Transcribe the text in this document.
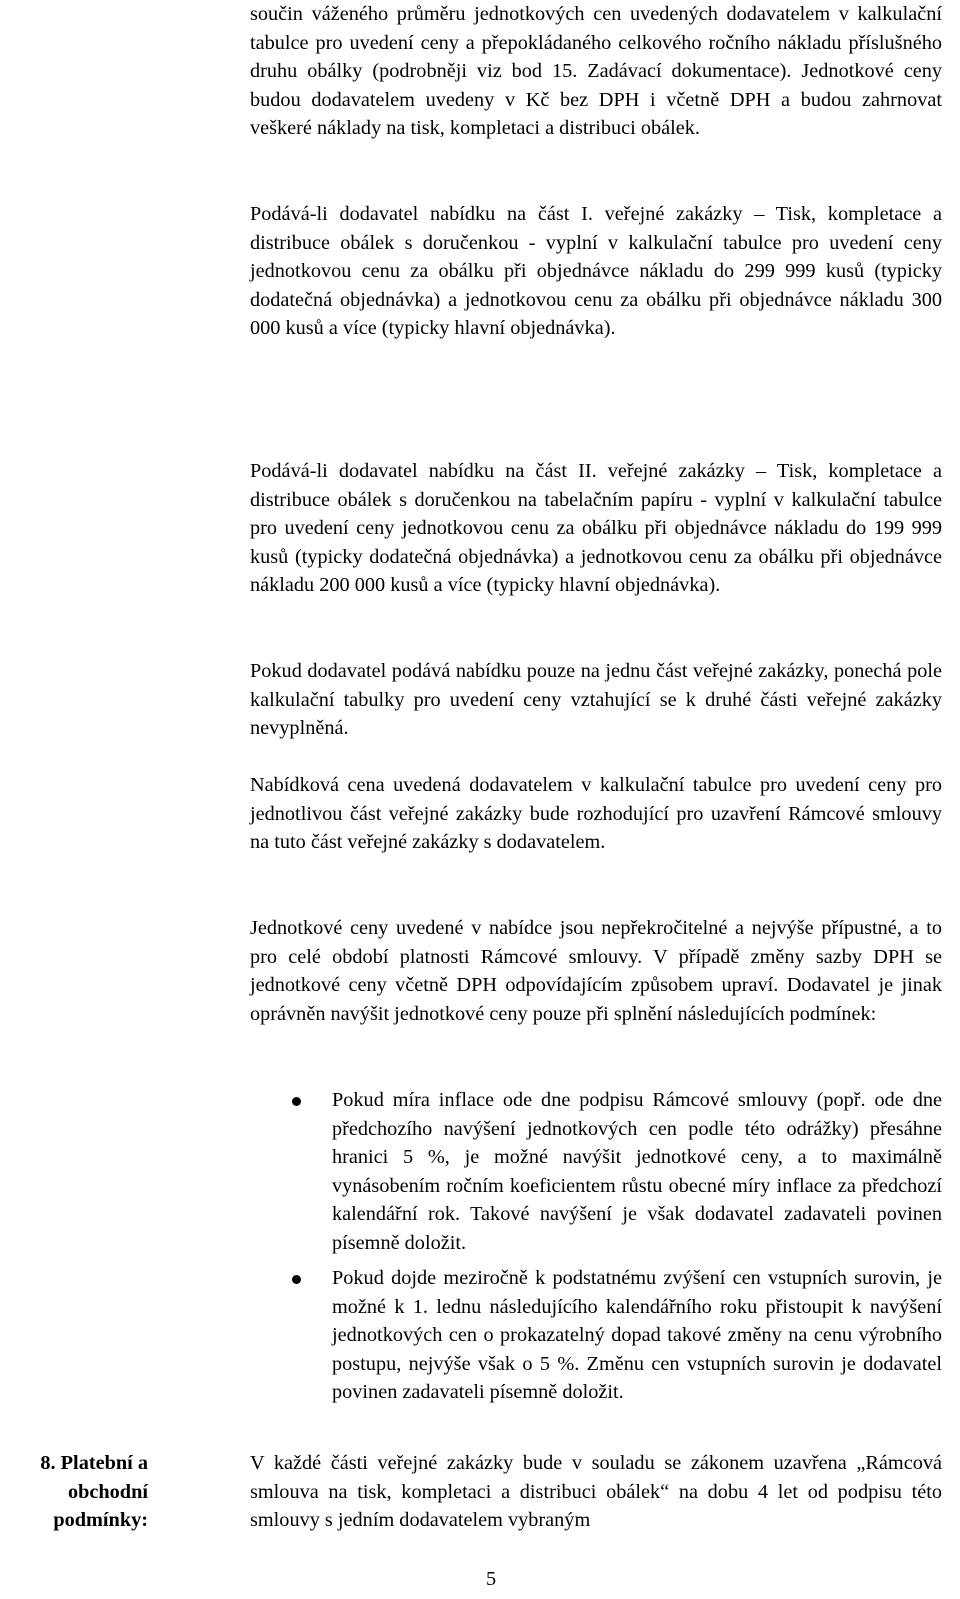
součin váženého průměru jednotkových cen uvedených dodavatelem v kalkulační tabulce pro uvedení ceny a přepokládaného celkového ročního nákladu příslušného druhu obálky (podrobněji viz bod 15. Zadávací dokumentace). Jednotkové ceny budou dodavatelem uvedeny v Kč bez DPH i včetně DPH a budou zahrnovat veškeré náklady na tisk, kompletaci a distribuci obálek.

Podává-li dodavatel nabídku na část I. veřejné zakázky – Tisk, kompletace a distribuce obálek s doručenkou - vyplní v kalkulační tabulce pro uvedení ceny jednotkovou cenu za obálku při objednávce nákladu do 299 999 kusů (typicky dodatečná objednávka) a jednotkovou cenu za obálku při objednávce nákladu 300 000 kusů a více (typicky hlavní objednávka).

Podává-li dodavatel nabídku na část II. veřejné zakázky – Tisk, kompletace a distribuce obálek s doručenkou na tabelačním papíru - vyplní v kalkulační tabulce pro uvedení ceny jednotkovou cenu za obálku při objednávce nákladu do 199 999 kusů (typicky dodatečná objednávka) a jednotkovou cenu za obálku při objednávce nákladu 200 000 kusů a více (typicky hlavní objednávka).

Pokud dodavatel podává nabídku pouze na jednu část veřejné zakázky, ponechá pole kalkulační tabulky pro uvedení ceny vztahující se k druhé části veřejné zakázky nevyplněná.

Nabídková cena uvedená dodavatelem v kalkulační tabulce pro uvedení ceny pro jednotlivou část veřejné zakázky bude rozhodující pro uzavření Rámcové smlouvy na tuto část veřejné zakázky s dodavatelem.

Jednotkové ceny uvedené v nabídce jsou nepřekročitelné a nejvýše přípustné, a to pro celé období platnosti Rámcové smlouvy. V případě změny sazby DPH se jednotkové ceny včetně DPH odpovídajícím způsobem upraví. Dodavatel je jinak oprávněn navýšit jednotkové ceny pouze při splnění následujících podmínek:

Pokud míra inflace ode dne podpisu Rámcové smlouvy (popř. ode dne předchozího navýšení jednotkových cen podle této odrážky) přesáhne hranici 5 %, je možné navýšit jednotkové ceny, a to maximálně vynásobením ročním koeficientem růstu obecné míry inflace za předchozí kalendářní rok. Takové navýšení je však dodavatel zadavateli povinen písemně doložit.

Pokud dojde meziročně k podstatnému zvýšení cen vstupních surovin, je možné k 1. lednu následujícího kalendářního roku přistoupit k navýšení jednotkových cen o prokazatelný dopad takové změny na cenu výrobního postupu, nejvýše však o 5 %. Změnu cen vstupních surovin je dodavatel povinen zadavateli písemně doložit.

V každé části veřejné zakázky bude v souladu se zákonem uzavřena „Rámcová smlouva na tisk, kompletaci a distribuci obálek“ na dobu 4 let od podpisu této smlouvy s jedním dodavatelem vybraným

8. Platební a obchodní podmínky:

5
